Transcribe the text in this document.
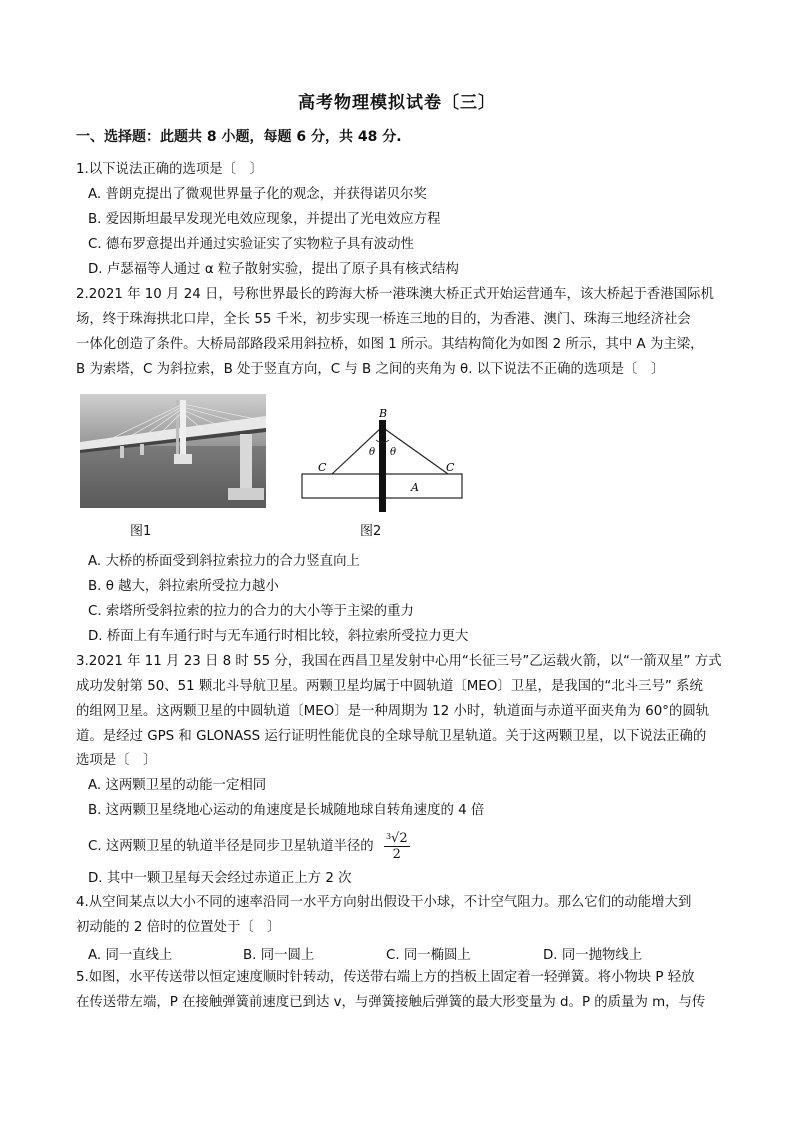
高考物理模拟试卷〔三〕
一、选择题：此题共 8 小题，每题 6 分，共 48 分.
1.以下说法正确的选项是〔　〕
A. 普朗克提出了微观世界量子化的观念，并获得诺贝尔奖
B. 爱因斯坦最早发现光电效应现象，并提出了光电效应方程
C. 德布罗意提出并通过实验证实了实物粒子具有波动性
D. 卢瑟福等人通过 α 粒子散射实验，提出了原子具有核式结构
2.2021 年 10 月 24 日，号称世界最长的跨海大桥一港珠澳大桥正式开始运营通车，该大桥起于香港国际机
场，终于珠海拱北口岸，全长 55 千米，初步实现一桥连三地的目的，为香港、澳门、珠海三地经济社会
一体化创造了条件。大桥局部路段采用斜拉桥，如图 1 所示。其结构简化为如图 2 所示，其中 A 为主梁，
B 为索塔，C 为斜拉索，B 处于竖直方向，C 与 B 之间的夹角为 θ. 以下说法不正确的选项是〔　〕
B
C	C
θ θ
A
图1	图2
A. 大桥的桥面受到斜拉索拉力的合力竖直向上
B. θ 越大，斜拉索所受拉力越小
C. 索塔所受斜拉索的拉力的合力的大小等于主梁的重力
D. 桥面上有车通行时与无车通行时相比较，斜拉索所受拉力更大
3.2021 年 11 月 23 日 8 时 55 分，我国在西昌卫星发射中心用“长征三号”乙运载火箭，以“一箭双星” 方式
成功发射第 50、51 颗北斗导航卫星。两颗卫星均属于中圆轨道〔MEO〕卫星，是我国的“北斗三号” 系统
的组网卫星。这两颗卫星的中圆轨道〔MEO〕是一种周期为 12 小时，轨道面与赤道平面夹角为 60°的圆轨
道。是经过 GPS 和 GLONASS 运行证明性能优良的全球导航卫星轨道。关于这两颗卫星，以下说法正确的
选项是〔　〕
A. 这两颗卫星的动能一定相同
B. 这两颗卫星绕地心运动的角速度是长城随地球自转角速度的 4 倍
C. 这两颗卫星的轨道半径是同步卫星轨道半径的 $\frac{^3√2}{2}$
D. 其中一颗卫星每天会经过赤道正上方 2 次
4.从空间某点以大小不同的速率沿同一水平方向射出假设干小球，不计空气阻力。那么它们的动能增大到
初动能的 2 倍时的位置处于〔　〕
A. 同一直线上	B. 同一圆上	C. 同一椭圆上	D. 同一抛物线上
5.如图，水平传送带以恒定速度顺时针转动，传送带右端上方的挡板上固定着一轻弹簧。将小物块 P 轻放
在传送带左端，P 在接触弹簧前速度已到达 v，与弹簧接触后弹簧的最大形变量为 d。P 的质量为 m，与传
